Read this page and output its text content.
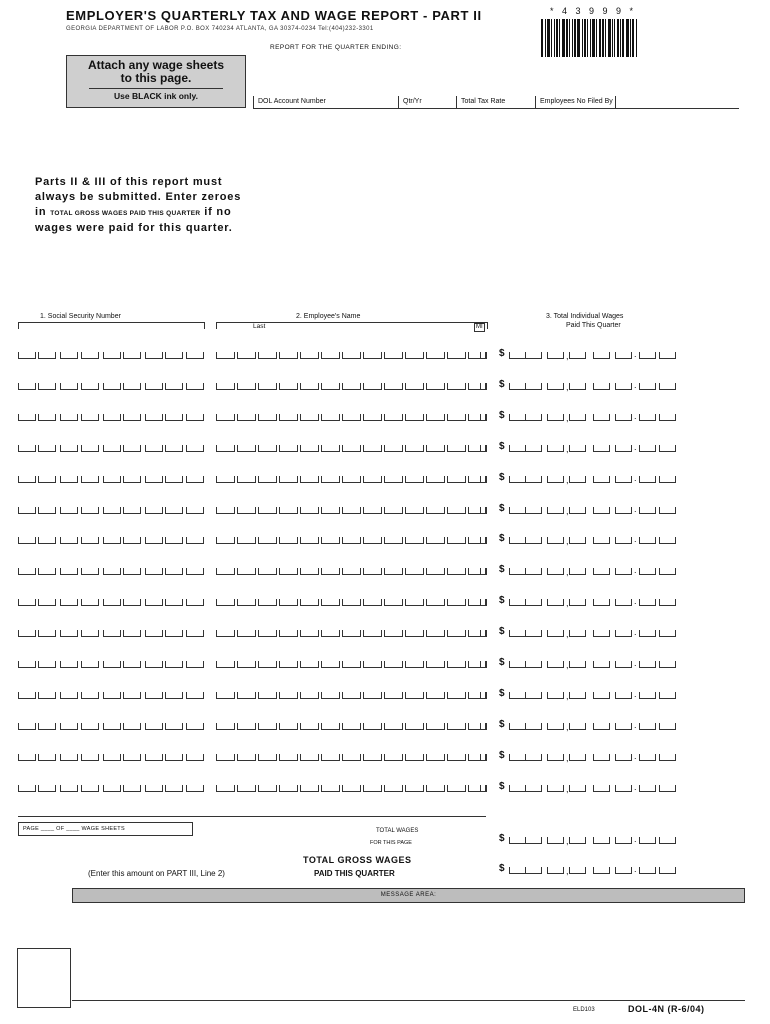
EMPLOYER'S QUARTERLY TAX AND WAGE REPORT - PART II
GEORGIA DEPARTMENT OF LABOR P.O. BOX 740234 ATLANTA, GA 30374-0234 Tel:(404)232-3301
* 4 3 9 9 9 *
REPORT FOR THE QUARTER ENDING:
Attach any wage sheets
to this page.
Use BLACK ink only.
DOL Account Number	Qtr/Yr	Total Tax Rate	Employees No Filed By
Parts II & III of this report must
always be submitted. Enter zeroes
in TOTAL GROSS WAGES PAID THIS QUARTER if no
wages were paid for this quarter.
1. Social Security Number	2. Employee's Name
Last	MI
3. Total Individual Wages
Paid This Quarter
$	,	.
$	,	.
$	,	.
$	,	.
$	,	.
$	,	.
$	,	.
$	,	.
$	,	.
$	,	.
$	,	.
$	,	.
$	,	.
$	,	.
$	,	.
PAGE ____ OF ____ WAGE SHEETS	TOTAL WAGES
FOR THIS PAGE
TOTAL GROSS WAGES
(Enter this amount on PART III, Line 2)	PAID THIS QUARTER
$	,	.
$	,	.
MESSAGE AREA:
ELD103	DOL-4N (R-6/04)
